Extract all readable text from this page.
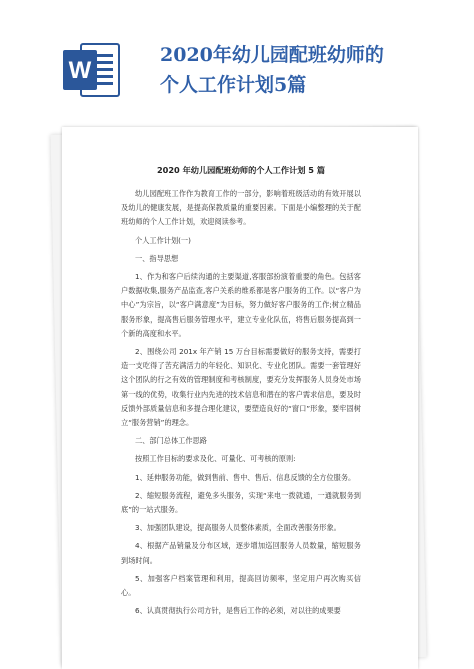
W
2020年幼儿园配班幼师的
个人工作计划5篇
2020 年幼儿园配班幼师的个人工作计划 5 篇

幼儿园配班工作作为教育工作的一部分，影响着班级活动的有效开展以及幼儿的健康发展，是提高保教质量的重要因素。下面是小编整理的关于配班幼师的个人工作计划，欢迎阅读参考。

个人工作计划(一)

一、指导思想

1、作为和客户后续沟通的主要渠道,客服部扮演着重要的角色。包括客户数据收集,服务产品监查,客户关系的维系都是客户服务的工作。以“客户为中心”为宗旨，以“客户满意度”为目标，努力做好客户服务的工作;树立精品服务形象，提高售后服务管理水平，建立专业化队伍，将售后服务提高到一个新的高度和水平。

2、围绕公司 201x 年产销 15 万台目标需要做好的服务支持，需要打造一支吃得了苦充满活力的年轻化、知识化、专业化团队。需要一套管理好这个团队的行之有效的管理制度和考核制度，要充分发挥服务人员身处市场第一线的优势，收集行业内先进的技术信息和潜在的客户需求信息，要及时反馈外部质量信息和多提合理化建议，要塑造良好的“窗口”形象，要牢固树立“服务营销”的理念。

二、部门总体工作思路

按照工作目标的要求及化、可量化、可考核的原则:

1、延伸服务功能，做到售前、售中、售后、信息反馈的全方位服务。

2、缩短服务流程，避免多头服务，实现“来电一拨就通，一通就服务到底”的一站式服务。

3、加强团队建设，提高服务人员整体素质，全面改善服务形象。

4、根据产品销量及分布区域，逐步增加巡回服务人员数量，缩短服务到场时间。

5、加强客户档案管理和利用，提高回访频率，坚定用户再次购买信心。

6、认真贯彻执行公司方针，是售后工作的必须，对以往的成果要
